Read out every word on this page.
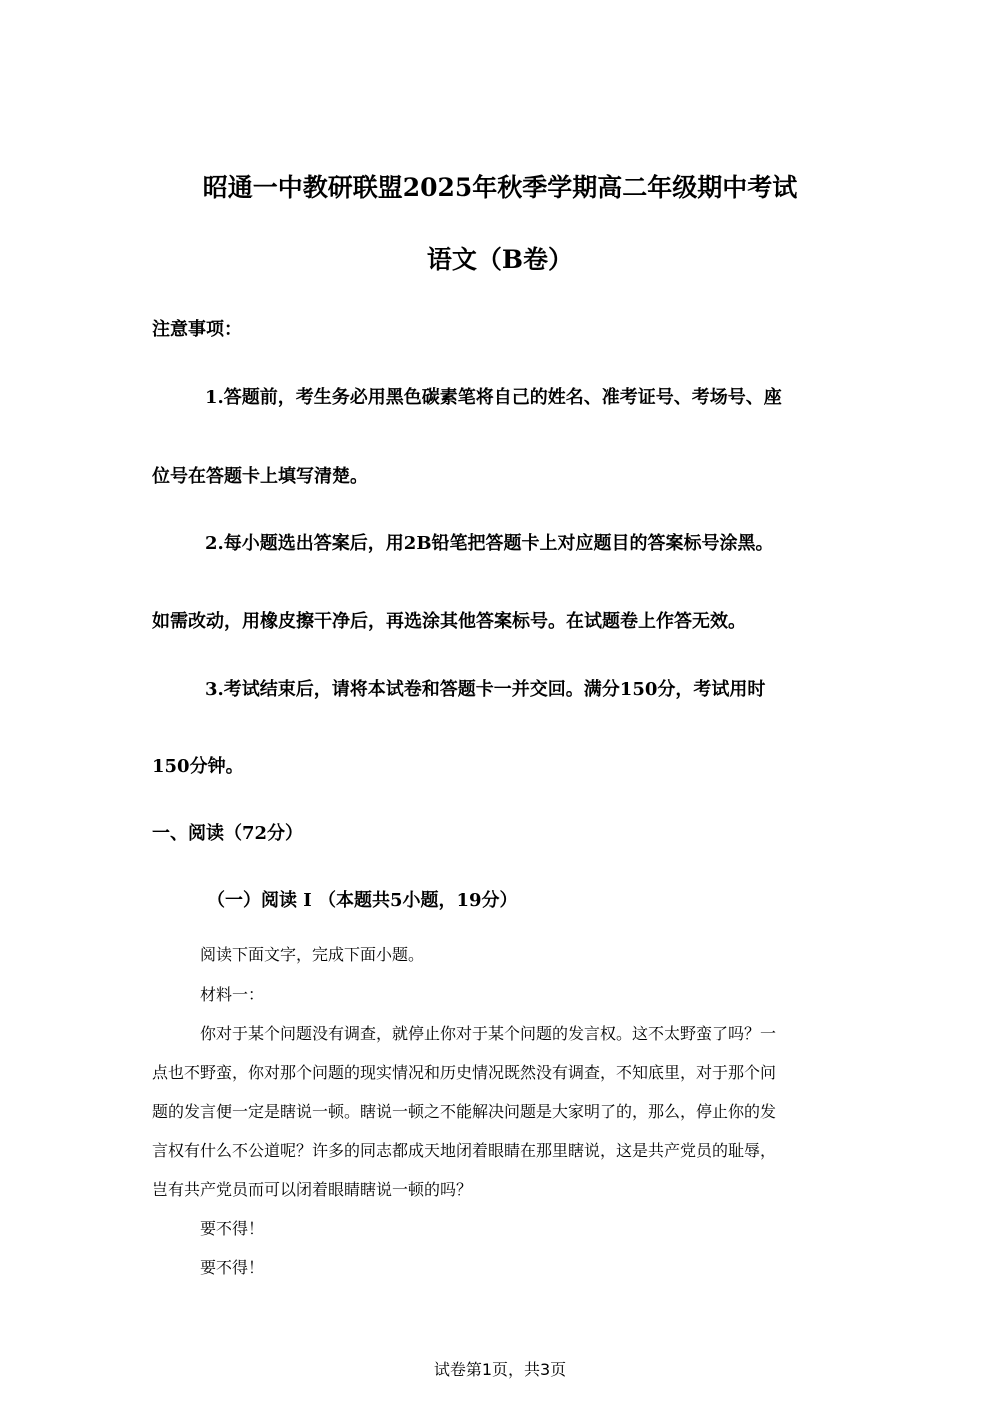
昭通一中教研联盟2025年秋季学期高二年级期中考试
语文（B卷）
注意事项：
1.答题前，考生务必用黑色碳素笔将自己的姓名、准考证号、考场号、座
位号在答题卡上填写清楚。
2.每小题选出答案后，用2B铅笔把答题卡上对应题目的答案标号涂黑。
如需改动，用橡皮擦干净后，再选涂其他答案标号。在试题卷上作答无效。
3.考试结束后，请将本试卷和答题卡一并交回。满分150分，考试用时
150分钟。
一、阅读（72分）
（一）阅读 I （本题共5小题，19分）
阅读下面文字，完成下面小题。
材料一：
你对于某个问题没有调查，就停止你对于某个问题的发言权。这不太野蛮了吗？一
点也不野蛮，你对那个问题的现实情况和历史情况既然没有调查，不知底里，对于那个问
题的发言便一定是瞎说一顿。瞎说一顿之不能解决问题是大家明了的，那么，停止你的发
言权有什么不公道呢？许多的同志都成天地闭着眼睛在那里瞎说，这是共产党员的耻辱，
岂有共产党员而可以闭着眼睛瞎说一顿的吗？
要不得！
要不得！
试卷第1页，共3页
